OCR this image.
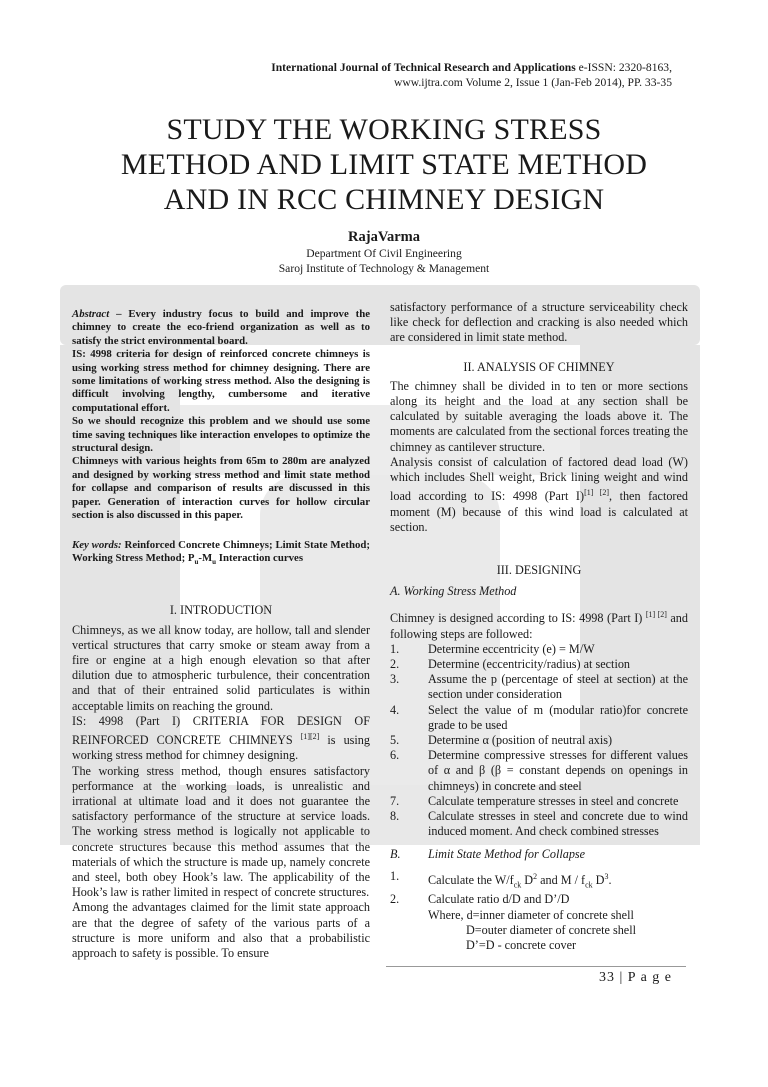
International Journal of Technical Research and Applications e-ISSN: 2320-8163,
www.ijtra.com Volume 2, Issue 1 (Jan-Feb 2014), PP. 33-35
STUDY THE WORKING STRESS
METHOD AND LIMIT STATE METHOD
AND IN RCC CHIMNEY DESIGN
RajaVarma
Department Of Civil Engineering
Saroj Institute of Technology & Management

Abstract – Every industry focus to build and improve the chimney to create the eco-friend organization as well as to satisfy the strict environmental board.

IS: 4998 criteria for design of reinforced concrete chimneys is using working stress method for chimney designing. There are some limitations of working stress method. Also the designing is difficult involving lengthy, cumbersome and iterative computational effort.

So we should recognize this problem and we should use some time saving techniques like interaction envelopes to optimize the structural design.

Chimneys with various heights from 65m to 280m are analyzed and designed by working stress method and limit state method for collapse and comparison of results are discussed in this paper. Generation of interaction curves for hollow circular section is also discussed in this paper.

Key words: Reinforced Concrete Chimneys; Limit State Method; Working Stress Method; $P_u-M_u$ Interaction curves

I. INTRODUCTION

Chimneys, as we all know today, are hollow, tall and slender vertical structures that carry smoke or steam away from a fire or engine at a high enough elevation so that after dilution due to atmospheric turbulence, their concentration and that of their entrained solid particulates is within acceptable limits on reaching the ground.

IS: 4998 (Part I) CRITERIA FOR DESIGN OF REINFORCED CONCRETE CHIMNEYS [1][2] is using working stress method for chimney designing.

The working stress method, though ensures satisfactory performance at the working loads, is unrealistic and irrational at ultimate load and it does not guarantee the satisfactory performance of the structure at service loads. The working stress method is logically not applicable to concrete structures because this method assumes that the materials of which the structure is made up, namely concrete and steel, both obey Hook’s law. The applicability of the Hook’s law is rather limited in respect of concrete structures.

Among the advantages claimed for the limit state approach are that the degree of safety of the various parts of a structure is more uniform and also that a probabilistic approach to safety is possible. To ensure

satisfactory performance of a structure serviceability check like check for deflection and cracking is also needed which are considered in limit state method.

II. ANALYSIS OF CHIMNEY

The chimney shall be divided in to ten or more sections along its height and the load at any section shall be calculated by suitable averaging the loads above it. The moments are calculated from the sectional forces treating the chimney as cantilever structure.

Analysis consist of calculation of factored dead load (W) which includes Shell weight, Brick lining weight and wind load according to IS: 4998 (Part I)[1] [2], then factored moment (M) because of this wind load is calculated at section.

III. DESIGNING
A. Working Stress Method

Chimney is designed according to IS: 4998 (Part I) [1] [2] and following steps are followed:

1.	Determine eccentricity (e) = M/W
2.	Determine (eccentricity/radius) at section
3.	Assume the p (percentage of steel at section) at the section under consideration
4.	Select the value of m (modular ratio)for concrete grade to be used
5.	Determine α (position of neutral axis)
6.	Determine compressive stresses for different values of α and β (β = constant depends on openings in chimneys) in concrete and steel
7.	Calculate temperature stresses in steel and concrete
8.	Calculate stresses in steel and concrete due to wind induced moment. And check combined stresses
B.	Limit State Method for Collapse
1.	Calculate the $W/f_{ck}$ $D^2$ and M / $f_{ck}$ $D^3$.
2.	Calculate ratio d/D and D’/D
Where, d=inner diameter of concrete shell
D=outer diameter of concrete shell
D’=D - concrete cover
33 | P a g e
